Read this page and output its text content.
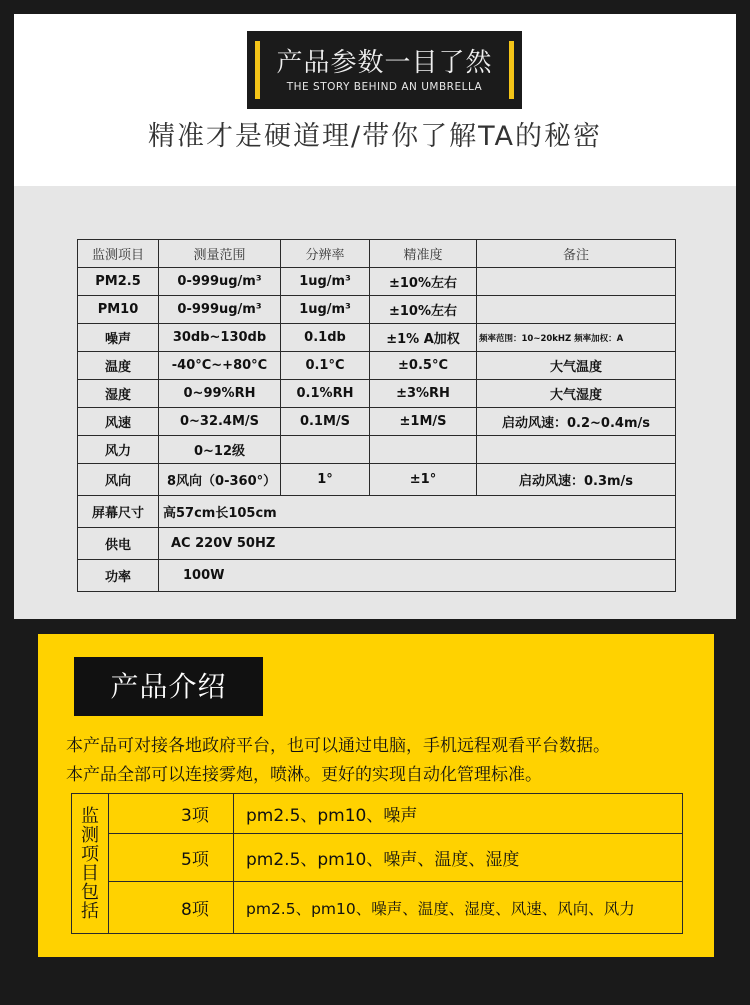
产品参数一目了然
THE STORY BEHIND AN UMBRELLA
精准才是硬道理/带你了解TA的秘密
监测项目	测量范围	分辨率	精准度	备注
PM2.5	0-999ug/m³	1ug/m³	±10%左右	
PM10	0-999ug/m³	1ug/m³	±10%左右	
噪声	30db~130db	0.1db	±1% A加权	频率范围：10~20kHZ 频率加权：A
温度	-40°C~+80°C	0.1°C	±0.5°C	大气温度
湿度	0~99%RH	0.1%RH	±3%RH	大气湿度
风速	0~32.4M/S	0.1M/S	±1M/S	启动风速：0.2~0.4m/s
风力	0~12级			
风向	8风向（0-360°）	1°	±1°	启动风速：0.3m/s
屏幕尺寸	高57cm长105cm			
供电	AC 220V 50HZ			
功率	100W			
产品介绍
本产品可对接各地政府平台，也可以通过电脑，手机远程观看平台数据。
本产品全部可以连接雾炮，喷淋。更好的实现自动化管理标准。
监测项目包括	3项	pm2.5、pm10、噪声
	5项	pm2.5、pm10、噪声、温度、湿度
	8项	pm2.5、pm10、噪声、温度、湿度、风速、风向、风力
